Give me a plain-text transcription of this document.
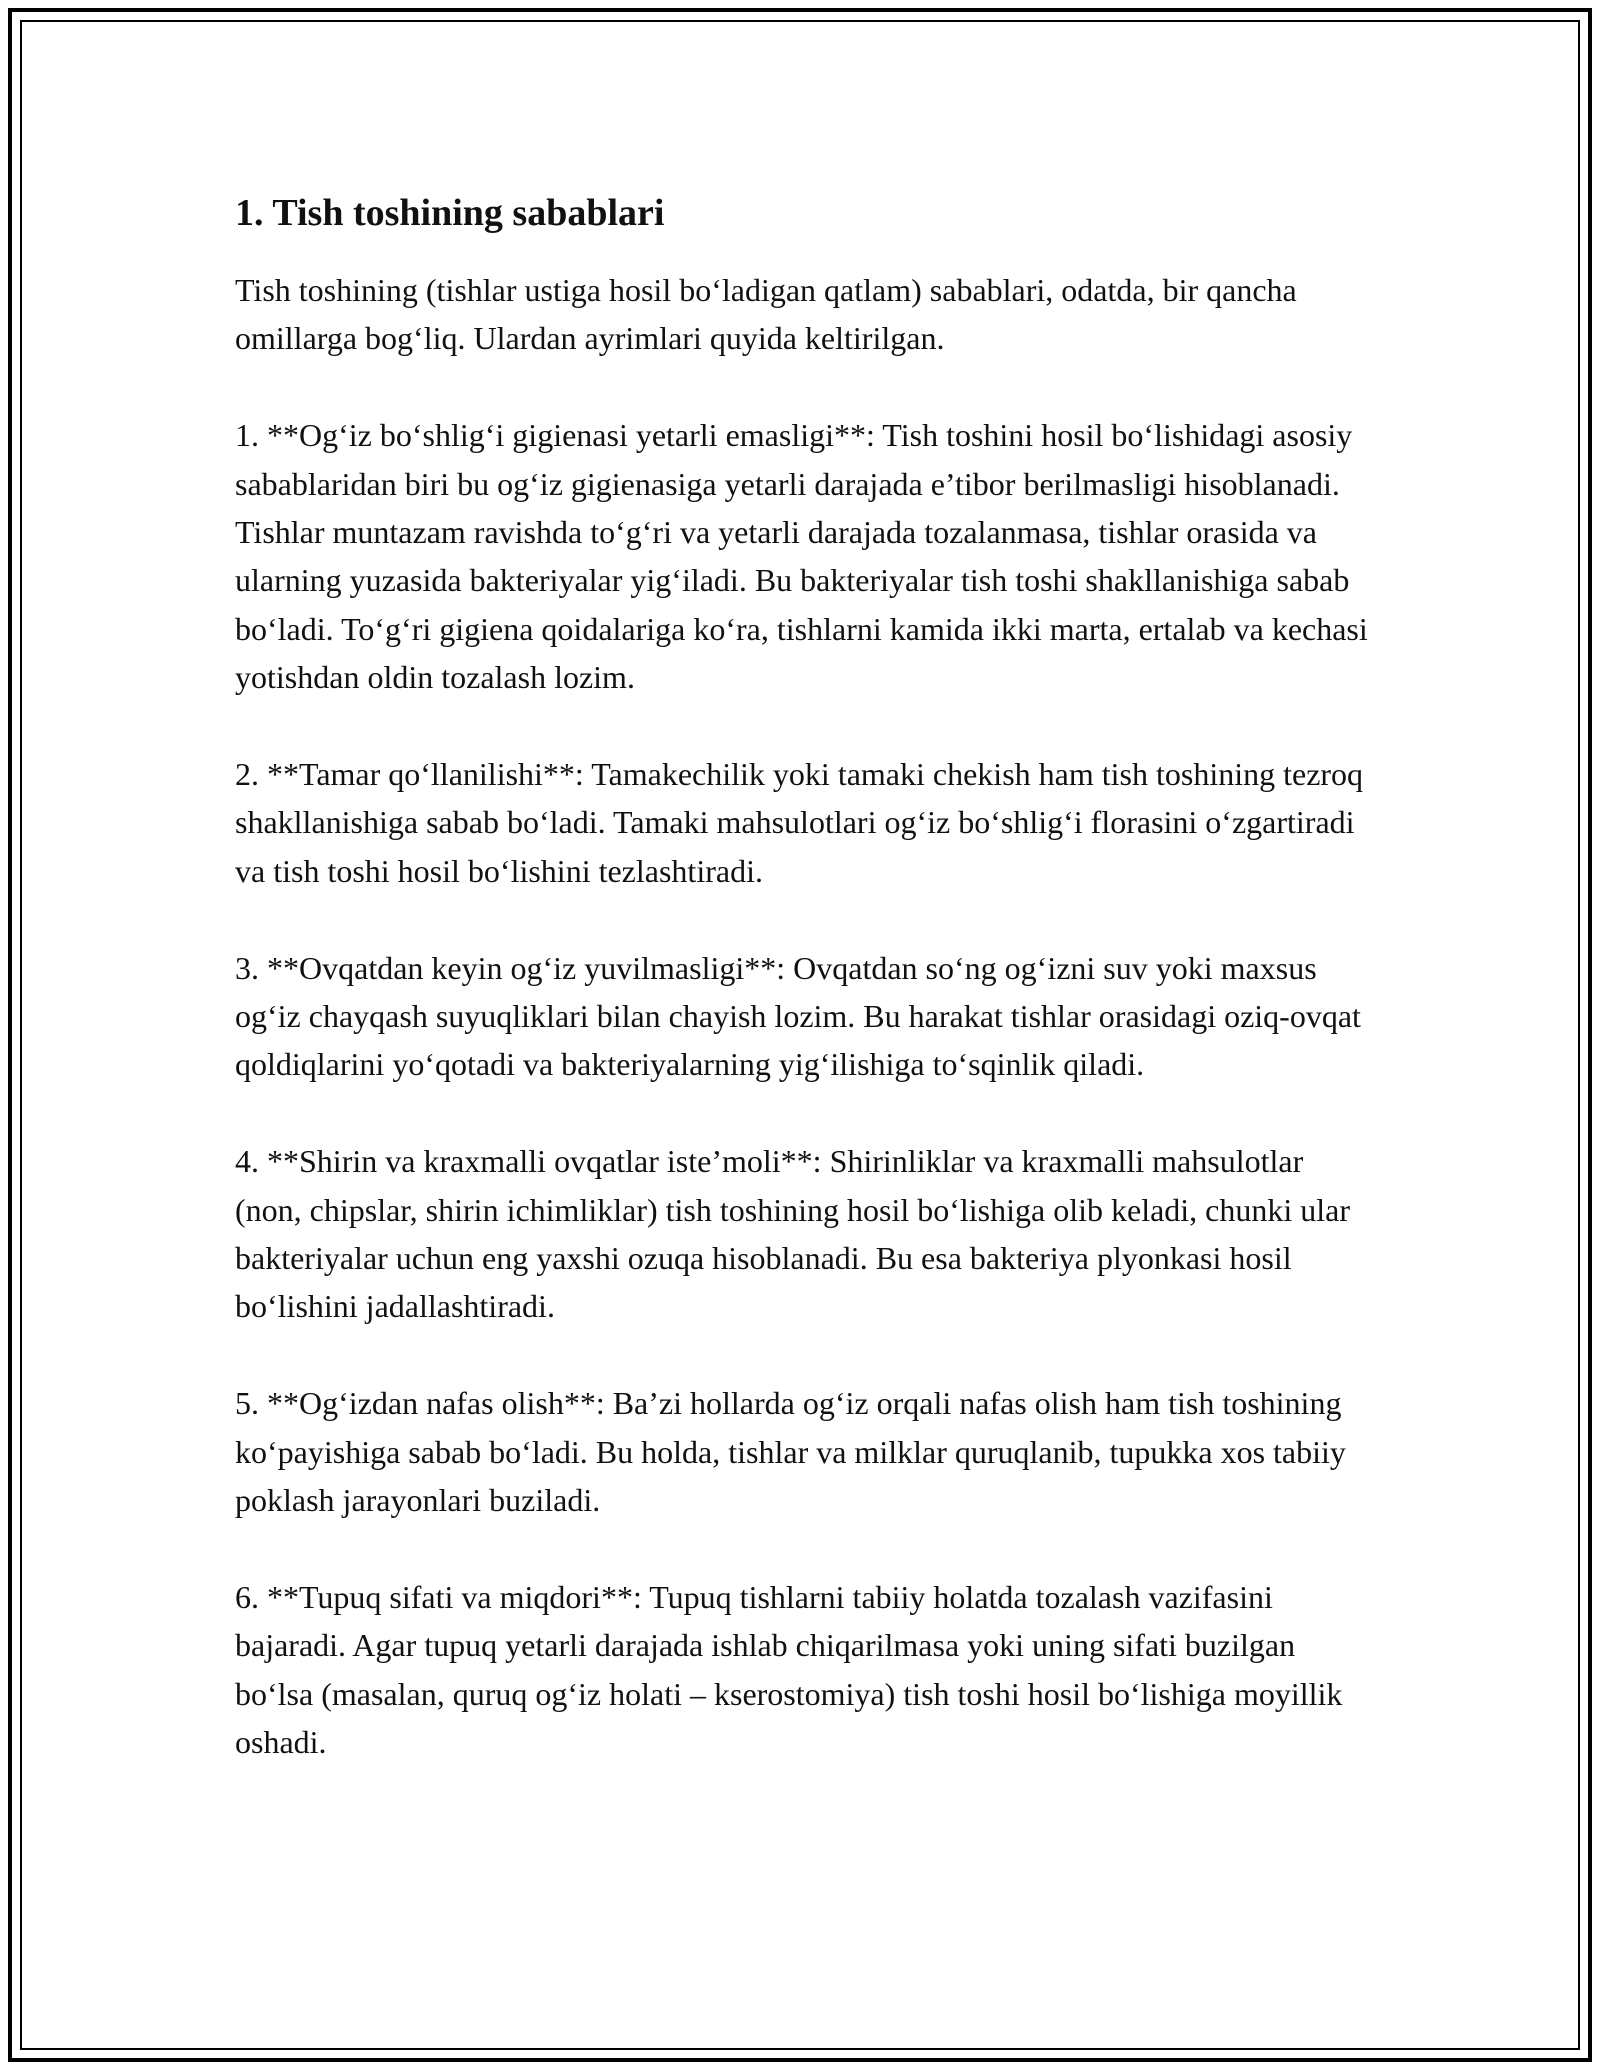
1. Tish toshining sabablari

Tish toshining (tishlar ustiga hosil bo‘ladigan qatlam) sabablari, odatda, bir qancha omillarga bog‘liq. Ulardan ayrimlari quyida keltirilgan.

1. **Og‘iz bo‘shlig‘i gigienasi yetarli emasligi**: Tish toshini hosil bo‘lishidagi asosiy sabablaridan biri bu og‘iz gigienasiga yetarli darajada e’tibor berilmasligi hisoblanadi. Tishlar muntazam ravishda to‘g‘ri va yetarli darajada tozalanmasa, tishlar orasida va ularning yuzasida bakteriyalar yig‘iladi. Bu bakteriyalar tish toshi shakllanishiga sabab bo‘ladi. To‘g‘ri gigiena qoidalariga ko‘ra, tishlarni kamida ikki marta, ertalab va kechasi yotishdan oldin tozalash lozim.

2. **Tamar qo‘llanilishi**: Tamakechilik yoki tamaki chekish ham tish toshining tezroq shakllanishiga sabab bo‘ladi. Tamaki mahsulotlari og‘iz bo‘shlig‘i florasini o‘zgartiradi va tish toshi hosil bo‘lishini tezlashtiradi.

3. **Ovqatdan keyin og‘iz yuvilmasligi**: Ovqatdan so‘ng og‘izni suv yoki maxsus og‘iz chayqash suyuqliklari bilan chayish lozim. Bu harakat tishlar orasidagi oziq-ovqat qoldiqlarini yo‘qotadi va bakteriyalarning yig‘ilishiga to‘sqinlik qiladi.

4. **Shirin va kraxmalli ovqatlar iste’moli**: Shirinliklar va kraxmalli mahsulotlar (non, chipslar, shirin ichimliklar) tish toshining hosil bo‘lishiga olib keladi, chunki ular bakteriyalar uchun eng yaxshi ozuqa hisoblanadi. Bu esa bakteriya plyonkasi hosil bo‘lishini jadallashtiradi.

5. **Og‘izdan nafas olish**: Ba’zi hollarda og‘iz orqali nafas olish ham tish toshining ko‘payishiga sabab bo‘ladi. Bu holda, tishlar va milklar quruqlanib, tupukka xos tabiiy poklash jarayonlari buziladi.

6. **Tupuq sifati va miqdori**: Tupuq tishlarni tabiiy holatda tozalash vazifasini bajaradi. Agar tupuq yetarli darajada ishlab chiqarilmasa yoki uning sifati buzilgan bo‘lsa (masalan, quruq og‘iz holati – kserostomiya) tish toshi hosil bo‘lishiga moyillik oshadi.
